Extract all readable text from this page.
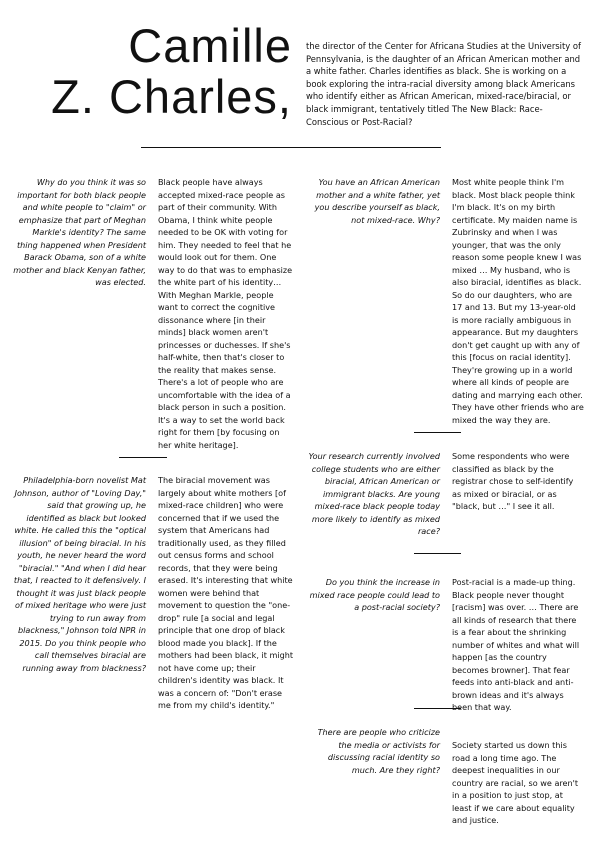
Camille
Z. Charles,
the director of the Center for Africana Studies at the University of Pennsylvania, is the daughter of an African American mother and a white father. Charles identifies as black. She is working on a book exploring the intra-racial diversity among black Americans who identify either as African American, mixed-race/biracial, or black immigrant, tentatively titled The New Black: Race-Conscious or Post-Racial?
Why do you think it was so important for both black people and white people to "claim" or emphasize that part of Meghan Markle's identity? The same thing happened when President Barack Obama, son of a white mother and black Kenyan father, was elected.
Black people have always accepted mixed-race people as part of their community. With Obama, I think white people needed to be OK with voting for him. They needed to feel that he would look out for them. One way to do that was to emphasize the white part of his identity… With Meghan Markle, people want to correct the cognitive dissonance where [in their minds] black women aren't princesses or duchesses. If she's half-white, then that's closer to the reality that makes sense. There's a lot of people who are uncomfortable with the idea of a black person in such a position. It's a way to set the world back right for them [by focusing on her white heritage].
Philadelphia-born novelist Mat Johnson, author of "Loving Day," said that growing up, he identified as black but looked white. He called this the "optical illusion" of being biracial. In his youth, he never heard the word "biracial." "And when I did hear that, I reacted to it defensively. I thought it was just black people of mixed heritage who were just trying to run away from blackness," Johnson told NPR in 2015. Do you think people who call themselves biracial are running away from blackness?
The biracial movement was largely about white mothers [of mixed-race children] who were concerned that if we used the system that Americans had traditionally used, as they filled out census forms and school records, that they were being erased. It's interesting that white women were behind that movement to question the "one-drop" rule [a social and legal principle that one drop of black blood made you black]. If the mothers had been black, it might not have come up; their children's identity was black. It was a concern of: "Don't erase me from my child's identity."
You have an African American mother and a white father, yet you describe yourself as black, not mixed-race. Why?
Most white people think I'm black. Most black people think I'm black. It's on my birth certificate. My maiden name is Zubrinsky and when I was younger, that was the only reason some people knew I was mixed … My husband, who is also biracial, identifies as black. So do our daughters, who are 17 and 13. But my 13-year-old is more racially ambiguous in appearance. But my daughters don't get caught up with any of this [focus on racial identity]. They're growing up in a world where all kinds of people are dating and marrying each other. They have other friends who are mixed the way they are.
Your research currently involved college students who are either biracial, African American or immigrant blacks. Are young mixed-race black people today more likely to identify as mixed race?
Some respondents who were classified as black by the registrar chose to self-identify as mixed or biracial, or as "black, but …" I see it all.
Do you think the increase in mixed race people could lead to a post-racial society?
Post-racial is a made-up thing. Black people never thought [racism] was over. … There are all kinds of research that there is a fear about the shrinking number of whites and what will happen [as the country becomes browner]. That fear feeds into anti-black and anti-brown ideas and it's always been that way.
There are people who criticize the media or activists for discussing racial identity so much. Are they right?
Society started us down this road a long time ago. The deepest inequalities in our country are racial, so we aren't in a position to just stop, at least if we care about equality and justice.
